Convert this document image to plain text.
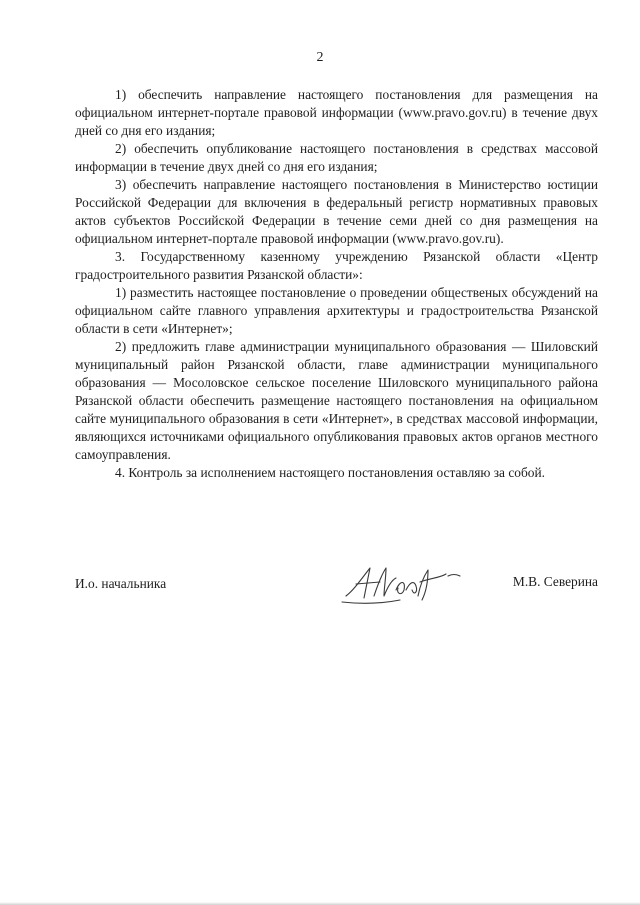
2

1) обеспечить направление настоящего постановления для размещения на официальном интернет-портале правовой информации (www.pravo.gov.ru) в течение двух дней со дня его издания;

2) обеспечить опубликование настоящего постановления в средствах массовой информации в течение двух дней со дня его издания;

3) обеспечить направление настоящего постановления в Министерство юстиции Российской Федерации для включения в федеральный регистр нормативных правовых актов субъектов Российской Федерации в течение семи дней со дня размещения на официальном интернет-портале правовой информации (www.pravo.gov.ru).

3. Государственному казенному учреждению Рязанской области «Центр градостроительного развития Рязанской области»:

1) разместить настоящее постановление о проведении общественых обсуждений на официальном сайте главного управления архитектуры и градостроительства Рязанской области в сети «Интернет»;

2) предложить главе администрации муниципального образования — Шиловский муниципальный район Рязанской области, главе администрации муниципального образования — Мосоловское сельское поселение Шиловского муниципального района Рязанской области обеспечить размещение настоящего постановления на официальном сайте муниципального образования в сети «Интернет», в средствах массовой информации, являющихся источниками официального опубликования правовых актов органов местного самоуправления.

4. Контроль за исполнением настоящего постановления оставляю за собой.

И.о. начальника	М.В. Северина
